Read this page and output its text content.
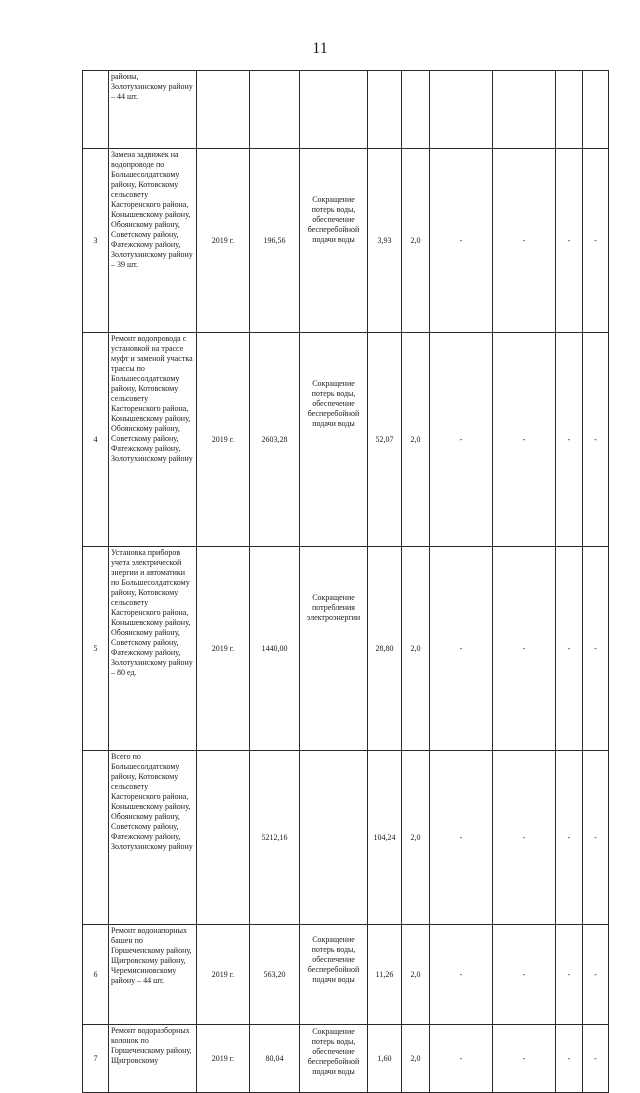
11
	районы, Золотухинскому району – 44 шт.									
3	Замена задвижек на водопроводе по Большесолдатскому району, Котовскому сельсовету Касторенского района, Конышевскому району, Обоянскому району, Советскому району, Фатежскому району, Золотухинскому району – 39 шт.	2019 г.	196,56	Сокращение потерь воды, обеспечение бесперебойной подачи воды	3,93	2,0	-	-	-	-
4	Ремонт водопровода с установкой на трассе муфт и заменой участка трассы по Большесолдатскому району, Котовскому сельсовету Касторенского района, Конышевскому району, Обоянскому району, Советскому району, Фатежскому району, Золотухинскому району	2019 г.	2603,28	Сокращение потерь воды, обеспечение бесперебойной подачи воды	52,07	2,0	-	-	-	-
5	Установка приборов учета электрической энергии и автоматики по Большесолдатскому району, Котовскому сельсовету Касторенского района, Конышевскому району, Обоянскому району, Советскому району, Фатежскому району, Золотухинскому району – 80 ед.	2019 г.	1440,00	Сокращение потребления электроэнергии	28,80	2,0	-	-	-	-
	Всего по Большесолдатскому району, Котовскому сельсовету Касторенского района, Конышевскому району, Обоянскому району, Советскому району, Фатежскому району, Золотухинскому району		5212,16		104,24	2,0	-	-	-	-
6	Ремонт водонапорных башен по Горшеченскому району, Щигровскому району, Черемисиновскому району – 44 шт.	2019 г.	563,20	Сокращение потерь воды, обеспечение бесперебойной подачи воды	11,26	2,0	-	-	-	-
7	Ремонт водоразборных колонок по Горшеченскому району, Щигровскому	2019 г.	80,04	Сокращение потерь воды, обеспечение бесперебойной подачи воды	1,60	2,0	-	-	-	-
